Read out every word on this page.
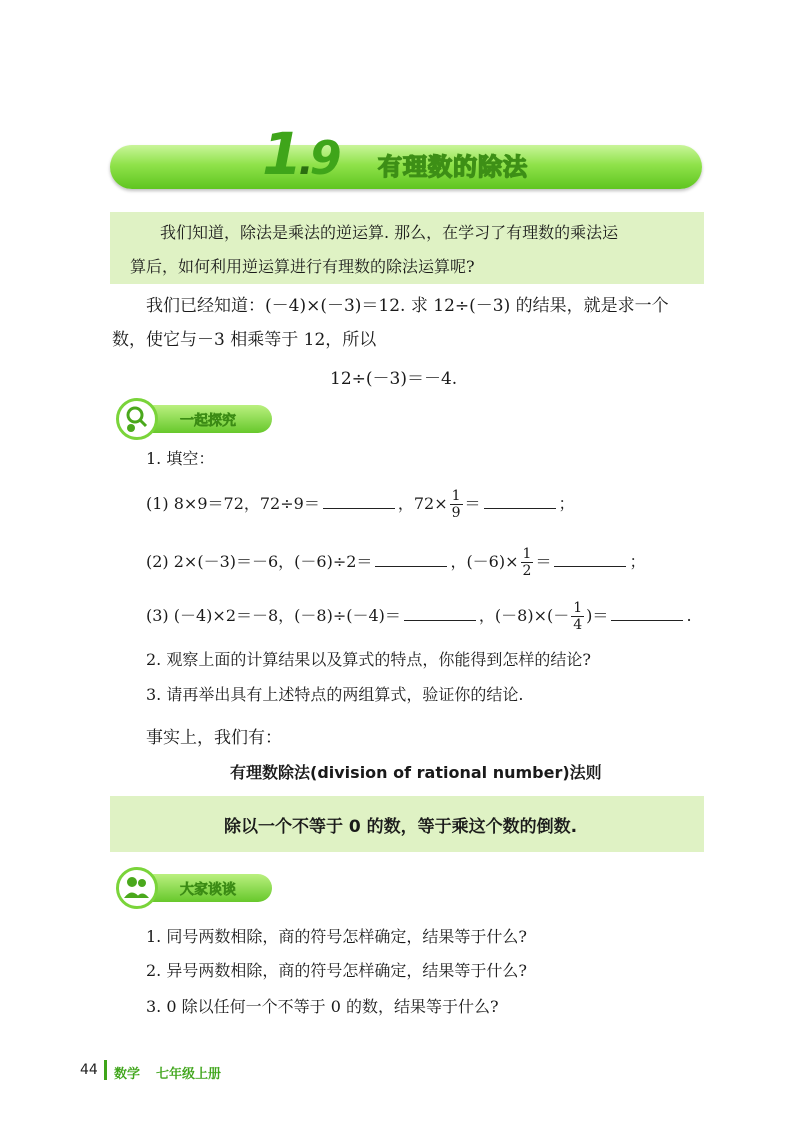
1.9 有理数的除法
我们知道，除法是乘法的逆运算. 那么，在学习了有理数的乘法运
算后，如何利用逆运算进行有理数的除法运算呢?
我们已经知道：(－4)×(－3)＝12. 求 12÷(－3) 的结果，就是求一个
数，使它与－3 相乘等于 12，所以
12÷(－3)＝－4.
一起探究
1. 填空：
(1) 8×9＝72，72÷9＝	，$72\times \frac{1}{9}$ ＝	；
(2) 2×(－3)＝－6，(－6)÷2＝	，$(-6)\times \frac{1}{2}$ ＝	；
(3) (－4)×2＝－8，(－8)÷(－4)＝	，$(-8)\times(- \frac{1}{4}$ )＝	.
2. 观察上面的计算结果以及算式的特点，你能得到怎样的结论?
3. 请再举出具有上述特点的两组算式，验证你的结论.
事实上，我们有：
有理数除法(division of rational number)法则
除以一个不等于 0 的数，等于乘这个数的倒数.
大家谈谈
1. 同号两数相除，商的符号怎样确定，结果等于什么?
2. 异号两数相除，商的符号怎样确定，结果等于什么?
3. 0 除以任何一个不等于 0 的数，结果等于什么?
44 数学 七年级上册
